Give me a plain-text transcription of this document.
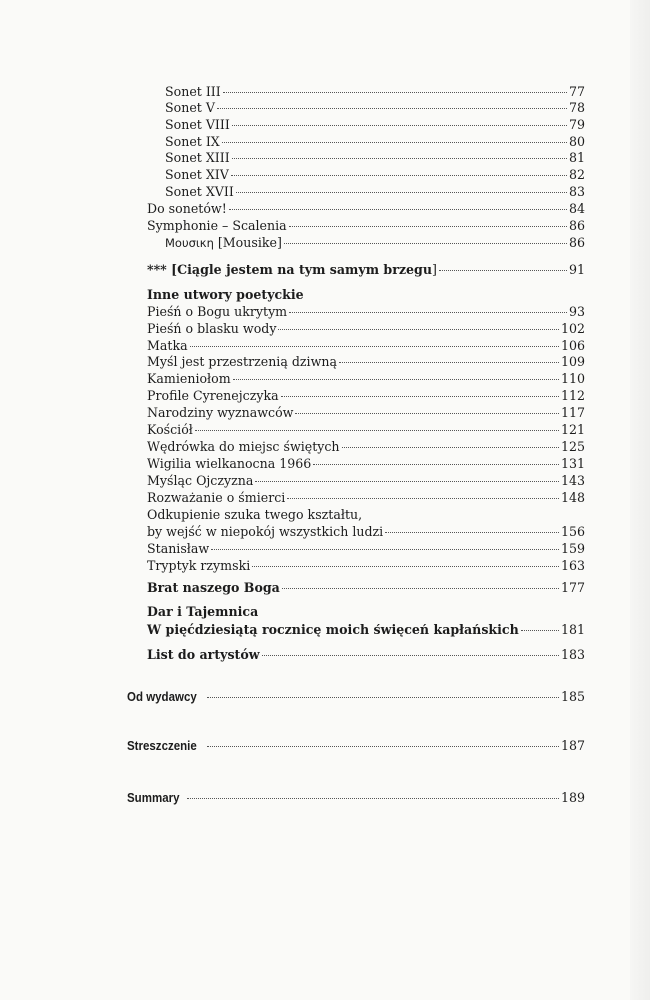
Sonet III	77
Sonet V	78
Sonet VIII	79
Sonet IX	80
Sonet XIII	81
Sonet XIV	82
Sonet XVII	83
Do sonetów!	84
Symphonie – Scalenia	86
Μουσικη [Mousike]	86
*** [Ciągle jestem na tym samym brzegu]	91
Inne utwory poetyckie
Pieśń o Bogu ukrytym	93
Pieśń o blasku wody	102
Matka	106
Myśl jest przestrzenią dziwną	109
Kamieniołom	110
Profile Cyrenejczyka	112
Narodziny wyznawców	117
Kościół	121
Wędrówka do miejsc świętych	125
Wigilia wielkanocna 1966	131
Myśląc Ojczyzna	143
Rozważanie o śmierci	148
Odkupienie szuka twego kształtu,
by wejść w niepokój wszystkich ludzi	156
Stanisław	159
Tryptyk rzymski	163
Brat naszego Boga	177
Dar i Tajemnica
W pięćdziesiątą rocznicę moich święceń kapłańskich	181
List do artystów	183
Od wydawcy	185
Streszczenie	187
Summary	189
